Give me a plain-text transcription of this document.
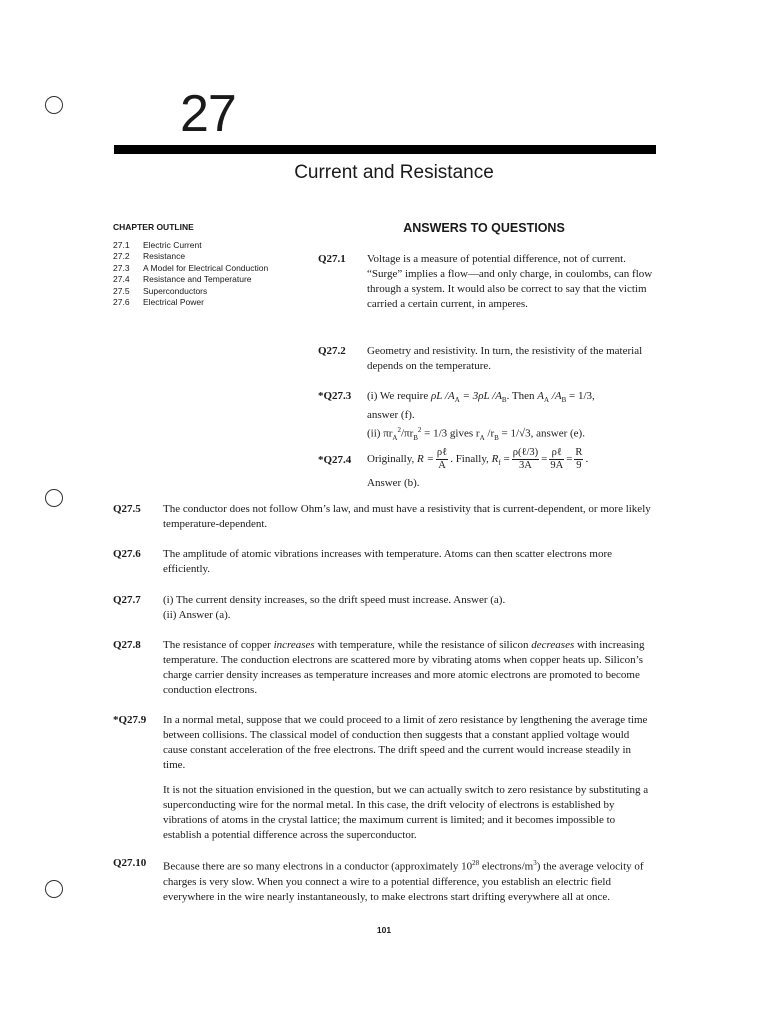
27
Current and Resistance
CHAPTER OUTLINE
27.1	Electric Current
27.2	Resistance
27.3	A Model for Electrical Conduction
27.4	Resistance and Temperature
27.5	Superconductors
27.6	Electrical Power
ANSWERS TO QUESTIONS
Q27.1	Voltage is a measure of potential difference, not of current. “Surge” implies a flow—and only charge, in coulombs, can flow through a system. It would also be correct to say that the victim carried a certain current, in amperes.

Q27.2	Geometry and resistivity. In turn, the resistivity of the material depends on the temperature.

*Q27.3	(i) We require ρL $/A_A = 3\rho L$ $/A_B$. Then $A_A$ $/A_B = 1/3$,
answer (f).
(ii) $\pi r_A^2/\pi r_B^2 = 1/3$ gives $r_A$ $/r_B = 1/√3$, answer (e).

*Q27.4	Originally, $R = \frac{\text{ρℓ}}{A}$ . Finally, $R_f = \frac{\text{ρ(ℓ/3)}}{3A} = \frac{\text{ρℓ}}{9A} = \frac{R}{9}$ .

Answer (b).

Q27.5	The conductor does not follow Ohm’s law, and must have a resistivity that is current-dependent, or more likely temperature-dependent.

Q27.6	The amplitude of atomic vibrations increases with temperature. Atoms can then scatter electrons more efficiently.

Q27.7	(i) The current density increases, so the drift speed must increase. Answer (a).
(ii) Answer (a).

Q27.8	The resistance of copper increases with temperature, while the resistance of silicon decreases with increasing temperature. The conduction electrons are scattered more by vibrating atoms when copper heats up. Silicon’s charge carrier density increases as temperature increases and more atomic electrons are promoted to become conduction electrons.

*Q27.9	In a normal metal, suppose that we could proceed to a limit of zero resistance by lengthening the average time between collisions. The classical model of conduction then suggests that a constant applied voltage would cause constant acceleration of the free electrons. The drift speed and the current would increase steadily in time.

It is not the situation envisioned in the question, but we can actually switch to zero resistance by substituting a superconducting wire for the normal metal. In this case, the drift velocity of electrons is established by vibrations of atoms in the crystal lattice; the maximum current is limited; and it becomes impossible to establish a potential difference across the superconductor.

Q27.10	Because there are so many electrons in a conductor (approximately $10^{28}$ electrons/$m^3$) the average velocity of charges is very slow. When you connect a wire to a potential difference, you establish an electric field everywhere in the wire nearly instantaneously, to make electrons start drifting everywhere all at once.

101
